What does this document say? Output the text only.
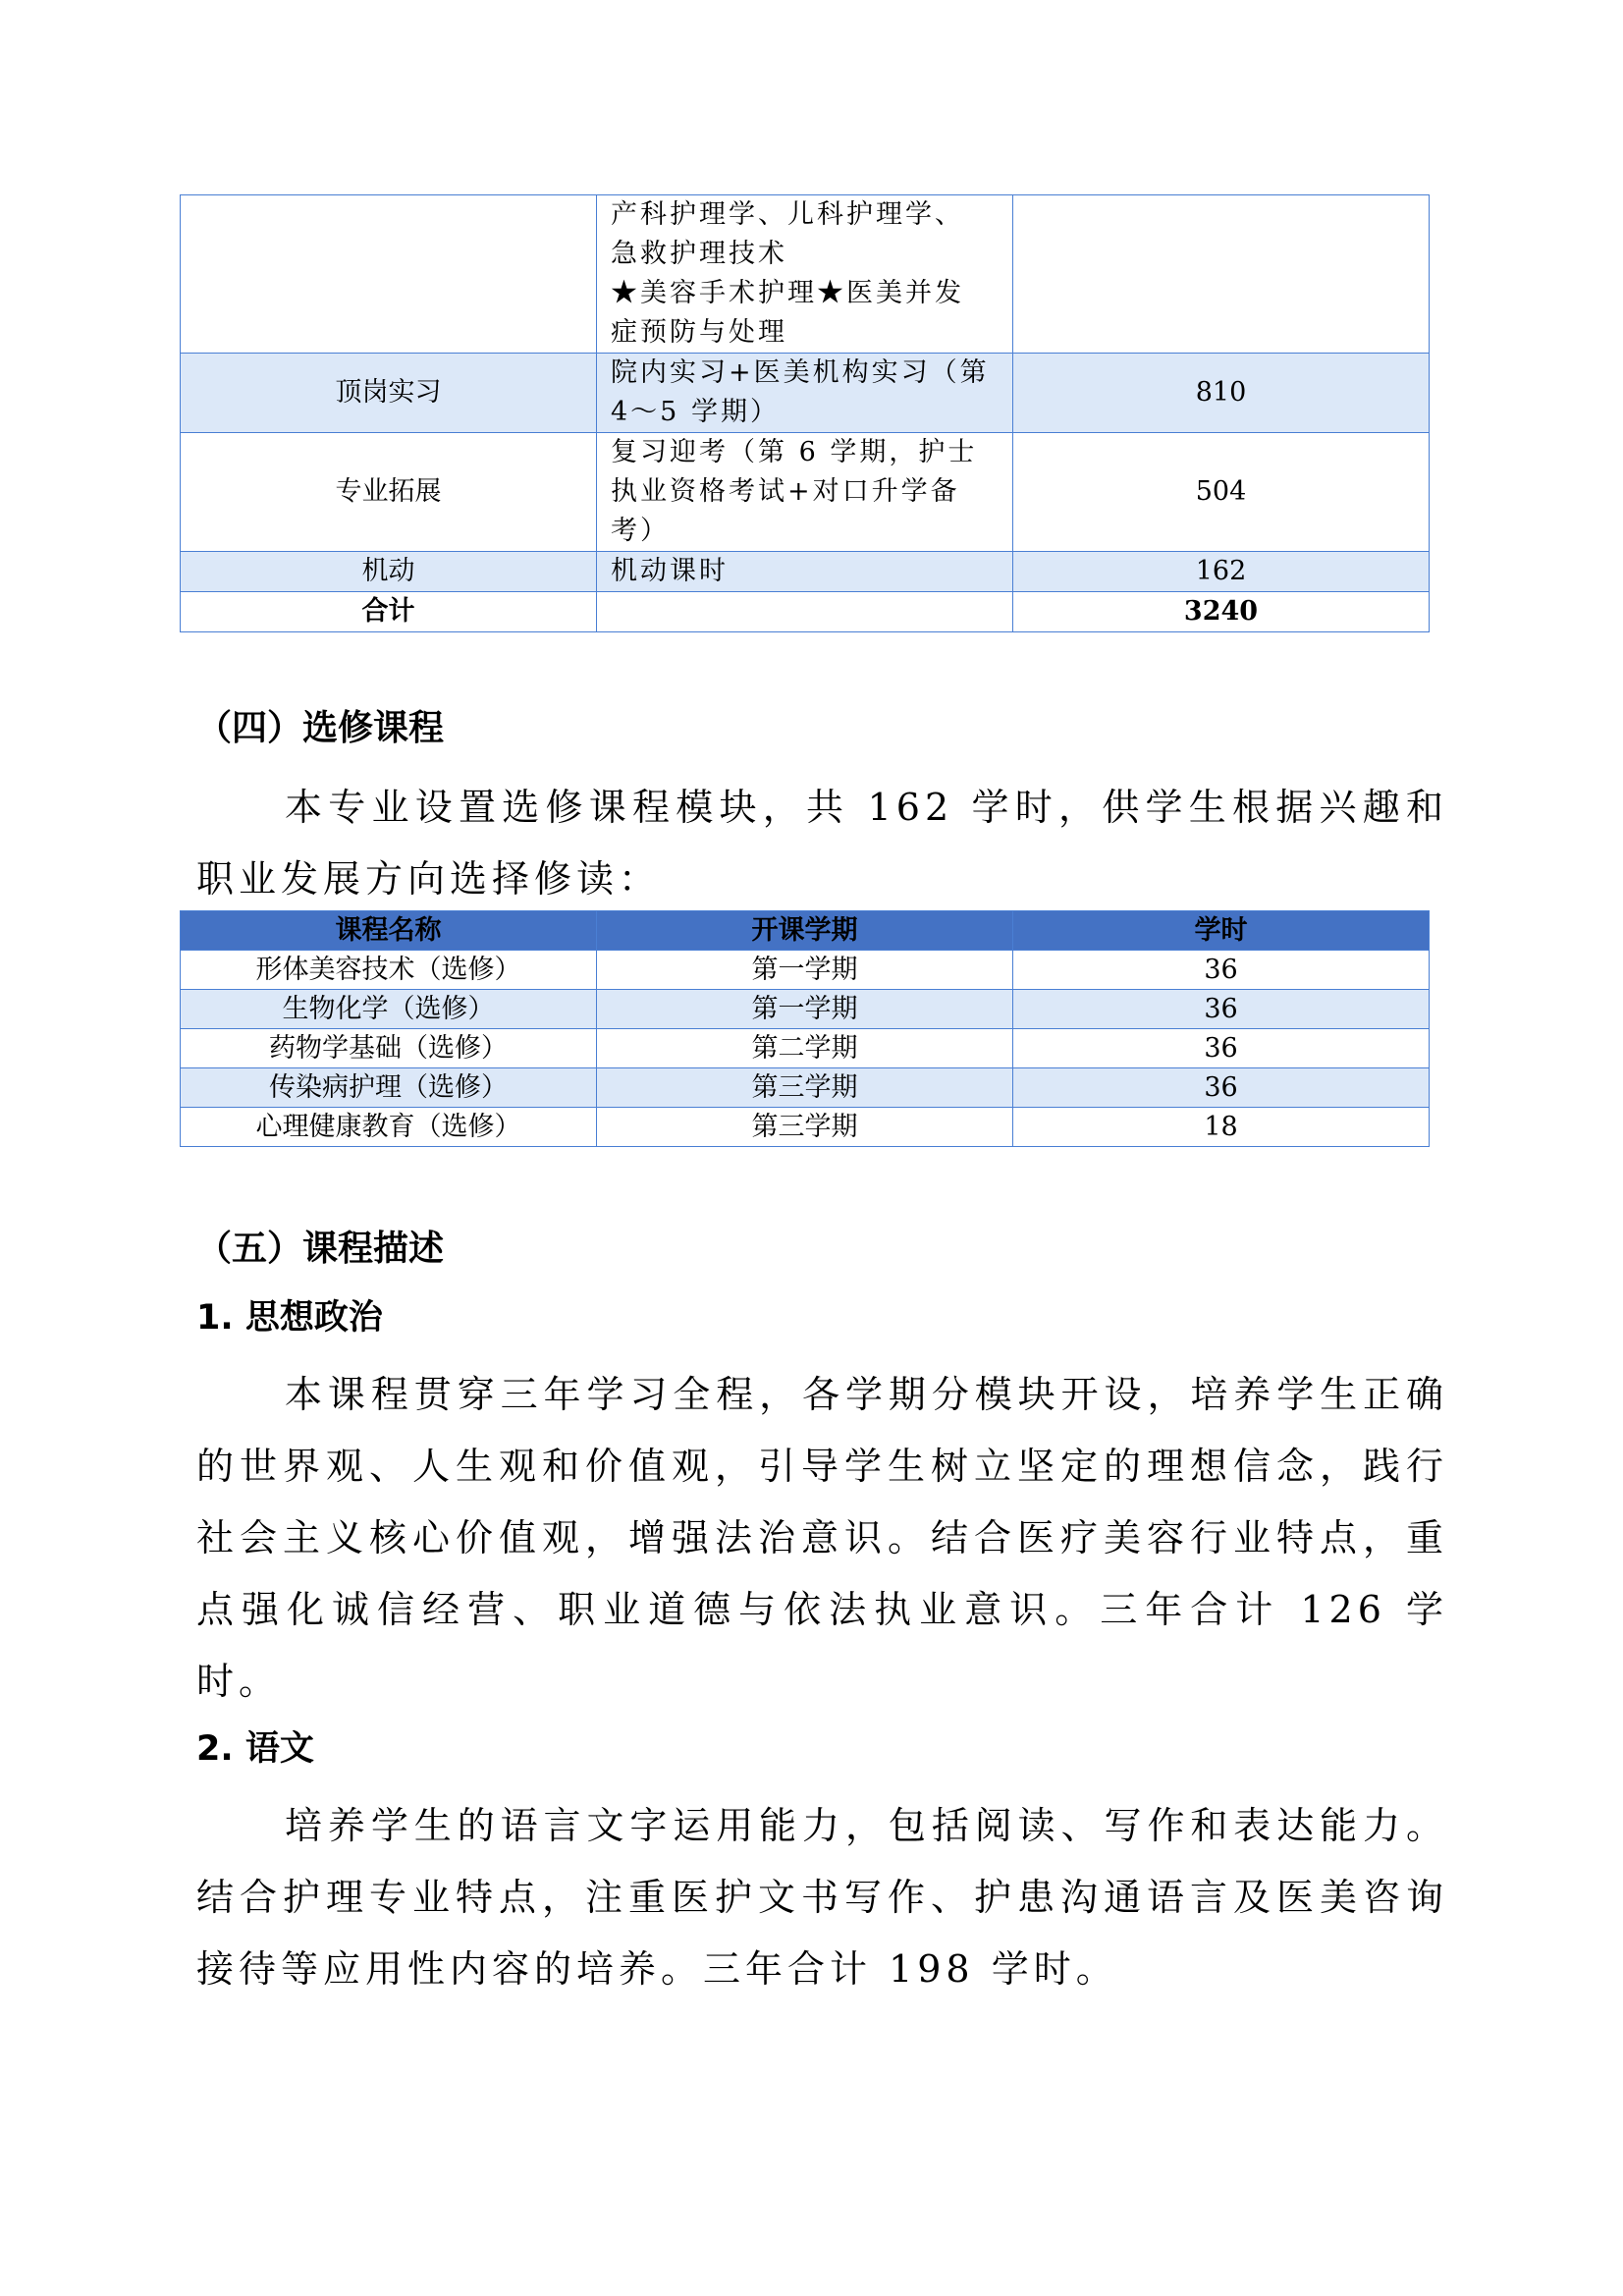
	产科护理学、儿科护理学、
急救护理技术
★美容手术护理★医美并发
症预防与处理	

顶岗实习	院内实习+医美机构实习（第
4～5 学期）	810
专业拓展	复习迎考（第 6 学期，护士
执业资格考试+对口升学备
考）	504
机动	机动课时	162
合计		3240
（四）选修课程

本专业设置选修课程模块，共 162 学时，供学生根据兴趣和职业发展方向选择修读：

课程名称	开课学期	学时
形体美容技术（选修）	第一学期	36
生物化学（选修）	第一学期	36
药物学基础（选修）	第二学期	36
传染病护理（选修）	第三学期	36
心理健康教育（选修）	第三学期	18
（五）课程描述
1. 思想政治

本课程贯穿三年学习全程，各学期分模块开设，培养学生正确的世界观、人生观和价值观，引导学生树立坚定的理想信念，践行社会主义核心价值观，增强法治意识。结合医疗美容行业特点，重点强化诚信经营、职业道德与依法执业意识。三年合计 126 学时。

2. 语文

培养学生的语言文字运用能力，包括阅读、写作和表达能力。结合护理专业特点，注重医护文书写作、护患沟通语言及医美咨询接待等应用性内容的培养。三年合计 198 学时。
